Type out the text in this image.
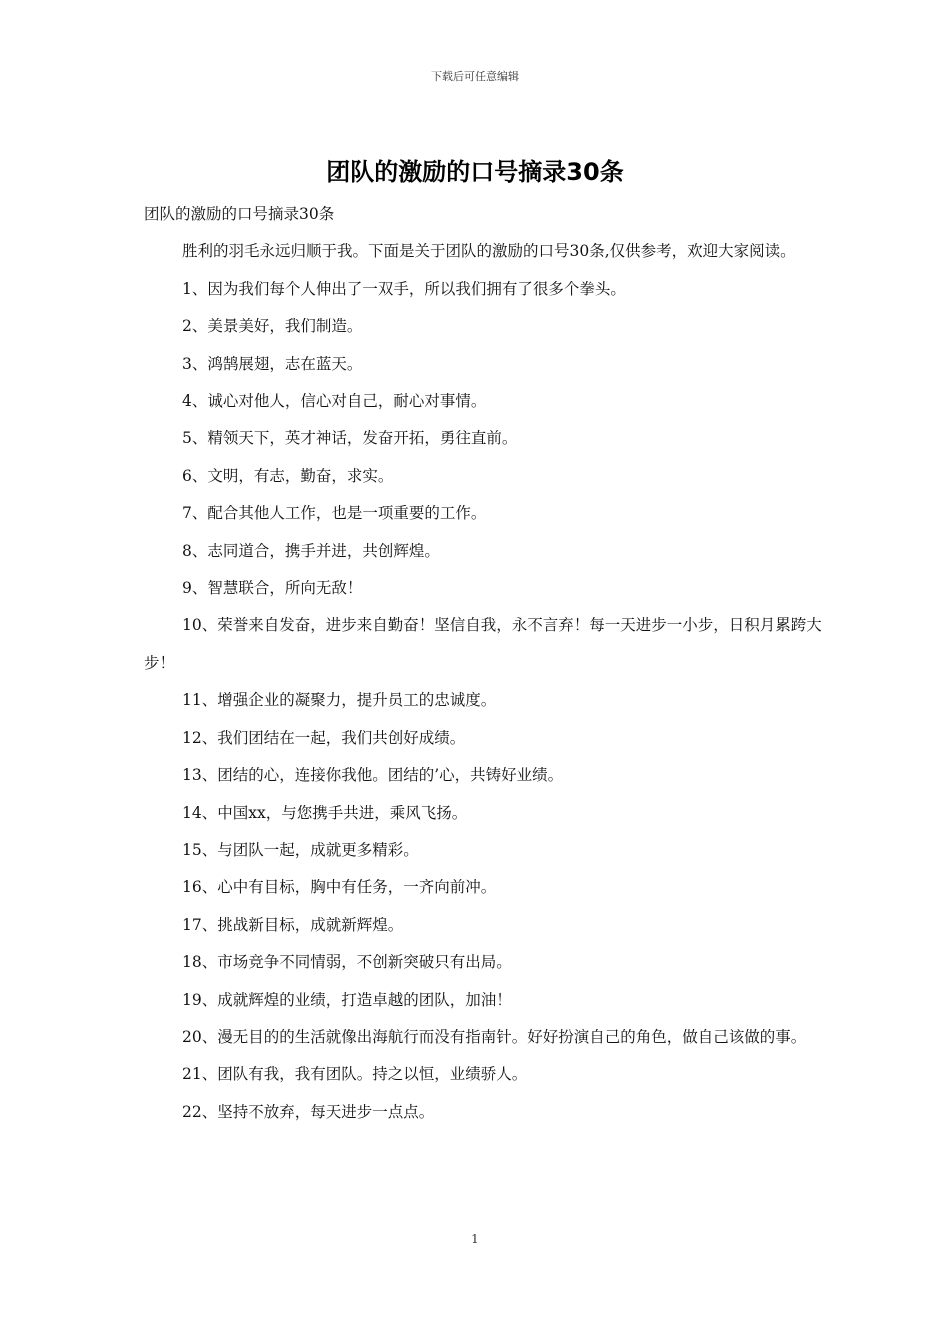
下载后可任意编辑
团队的激励的口号摘录30条

团队的激励的口号摘录30条

胜利的羽毛永远归顺于我。下面是关于团队的激励的口号30条,仅供参考，欢迎大家阅读。

1、因为我们每个人伸出了一双手，所以我们拥有了很多个拳头。

2、美景美好，我们制造。

3、鸿鹄展翅，志在蓝天。

4、诚心对他人，信心对自己，耐心对事情。

5、精领天下，英才神话，发奋开拓，勇往直前。

6、文明，有志，勤奋，求实。

7、配合其他人工作，也是一项重要的工作。

8、志同道合，携手并进，共创辉煌。

9、智慧联合，所向无敌！

10、荣誉来自发奋，进步来自勤奋！坚信自我，永不言弃！每一天进步一小步，日积月累跨大步！

11、增强企业的凝聚力，提升员工的忠诚度。

12、我们团结在一起，我们共创好成绩。

13、团结的心，连接你我他。团结的’心，共铸好业绩。

14、中国xx，与您携手共进，乘风飞扬。

15、与团队一起，成就更多精彩。

16、心中有目标，胸中有任务，一齐向前冲。

17、挑战新目标，成就新辉煌。

18、市场竞争不同情弱，不创新突破只有出局。

19、成就辉煌的业绩，打造卓越的团队，加油！

20、漫无目的的生活就像出海航行而没有指南针。好好扮演自己的角色，做自己该做的事。

21、团队有我，我有团队。持之以恒，业绩骄人。

22、坚持不放弃，每天进步一点点。

1
